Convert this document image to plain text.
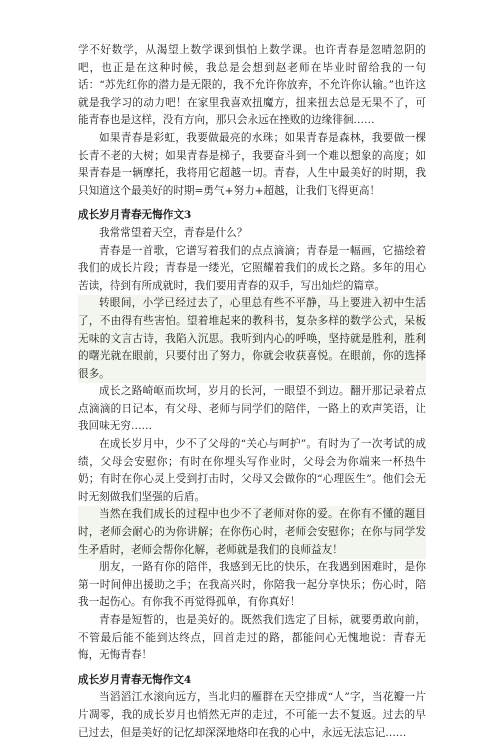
学不好数学，从渴望上数学课到惧怕上数学课。也许青春是忽晴忽阴的吧，也正是在这种时候，我总是会想到赵老师在毕业时留给我的一句话：“苏先红你的潜力是无限的，我不允许你放弃，不允许你认输。”也许这就是我学习的动力吧！在家里我喜欢扭魔方，扭来扭去总是无果不了，可能青春也是这样，没有方向，那只会永远在挫败的边缘徘徊……

如果青春是彩虹，我要做最亮的水珠；如果青春是森林，我要做一棵长青不老的大树；如果青春是梯子，我要奋斗到一个难以想象的高度；如果青春是一辆摩托，我将用它超越一切。青春，人生中最美好的时期，我只知道这个最美好的时期=勇气+努力+超越，让我们飞得更高！

成长岁月青春无悔作文3

我常常望着天空，青春是什么？

青春是一首歌，它谱写着我们的点点滴滴；青春是一幅画，它描绘着我们的成长片段；青春是一缕光，它照耀着我们的成长之路。多年的用心苦读，待到有所成就时，我们要用青春的双手，写出灿烂的篇章。

转眼间，小学已经过去了，心里总有些不平静，马上要进入初中生活了，不由得有些害怕。望着堆起来的教科书，复杂多样的数学公式，呆板无味的文言古诗，我陷入沉思。我听到内心的呼唤，坚持就是胜利，胜利的曙光就在眼前，只要付出了努力，你就会收获喜悦。在眼前，你的选择很多。

成长之路崎岖而坎坷，岁月的长河，一眼望不到边。翻开那记录着点点滴滴的日记本，有父母、老师与同学们的陪伴，一路上的欢声笑语，让我回味无穷……

在成长岁月中，少不了父母的“关心与呵护”。有时为了一次考试的成绩，父母会安慰你；有时在你埋头写作业时，父母会为你端来一杯热牛奶；有时在你心灵上受到打击时，父母又会做你的“心理医生”。他们会无时无刻做我们坚强的后盾。

当然在我们成长的过程中也少不了老师对你的爱。在你有不懂的题目时，老师会耐心的为你讲解；在你伤心时，老师会安慰你；在你与同学发生矛盾时，老师会帮你化解，老师就是我们的良师益友！

朋友，一路有你的陪伴，我感到无比的快乐，在我遇到困难时，是你第一时间伸出援助之手；在我高兴时，你陪我一起分享快乐；伤心时，陪我一起伤心。有你我不再觉得孤单，有你真好！

青春是短暂的，也是美好的。既然我们选定了目标，就要勇敢向前，不管最后能不能到达终点，回首走过的路，都能问心无愧地说：青春无悔，无悔青春！

成长岁月青春无悔作文4

当滔滔江水滚向远方，当北归的雁群在天空排成“人”字，当花瓣一片片凋零，我的成长岁月也悄然无声的走过，不可能一去不复返。过去的早已过去，但是美好的记忆却深深地烙印在我的心中，永远无法忘记……
